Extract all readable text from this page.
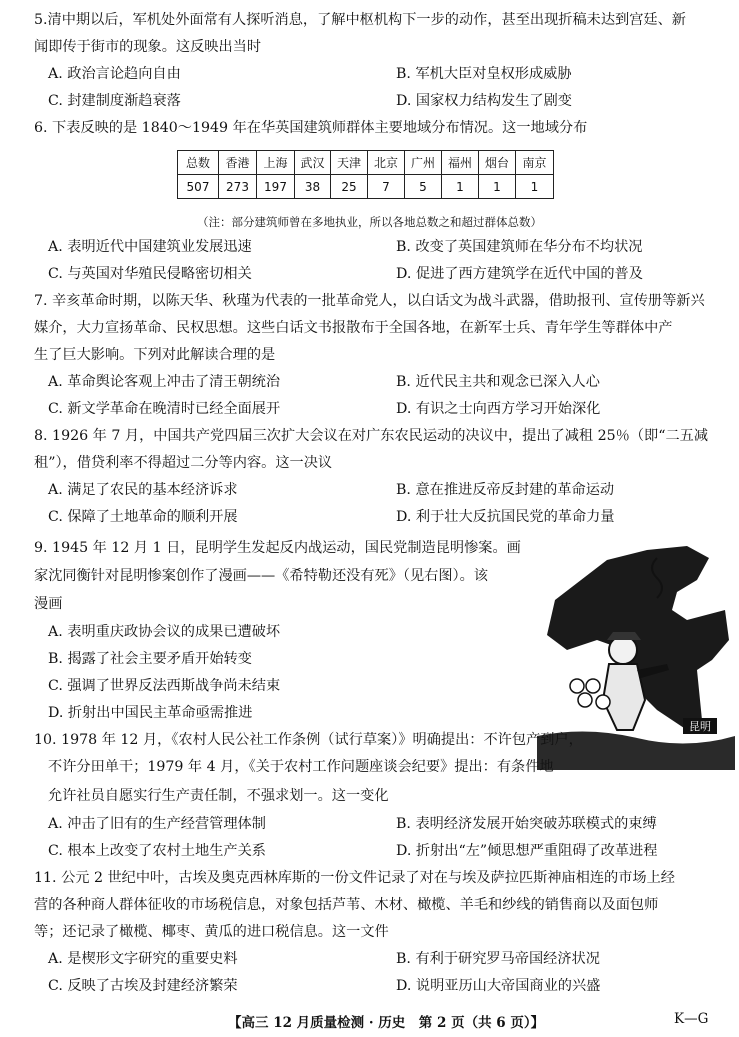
5.清中期以后，军机处外面常有人探听消息，了解中枢机构下一步的动作，甚至出现折稿未达到宫廷、新
闻即传于街市的现象。这反映出当时
A. 政治言论趋向自由	B. 军机大臣对皇权形成威胁
C. 封建制度渐趋衰落	D. 国家权力结构发生了剧变
6. 下表反映的是 1840～1949 年在华英国建筑师群体主要地域分布情况。这一地域分布
总数	香港	上海	武汉	天津	北京	广州	福州	烟台	南京
507	273	197	38	25	7	5	1	1	1
（注：部分建筑师曾在多地执业，所以各地总数之和超过群体总数）
A. 表明近代中国建筑业发展迅速	B. 改变了英国建筑师在华分布不均状况
C. 与英国对华殖民侵略密切相关	D. 促进了西方建筑学在近代中国的普及
7. 辛亥革命时期，以陈天华、秋瑾为代表的一批革命党人，以白话文为战斗武器，借助报刊、宣传册等新兴
媒介，大力宣扬革命、民权思想。这些白话文书报散布于全国各地，在新军士兵、青年学生等群体中产
生了巨大影响。下列对此解读合理的是
A. 革命舆论客观上冲击了清王朝统治	B. 近代民主共和观念已深入人心
C. 新文学革命在晚清时已经全面展开	D. 有识之士向西方学习开始深化
8. 1926 年 7 月，中国共产党四届三次扩大会议在对广东农民运动的决议中，提出了减租 25％（即“二五减
租”），借贷利率不得超过二分等内容。这一决议
A. 满足了农民的基本经济诉求	B. 意在推进反帝反封建的革命运动
C. 保障了土地革命的顺利开展	D. 利于壮大反抗国民党的革命力量
9. 1945 年 12 月 1 日，昆明学生发起反内战运动，国民党制造昆明惨案。画
家沈同衡针对昆明惨案创作了漫画——《希特勒还没有死》（见右图）。该
漫画
A. 表明重庆政协会议的成果已遭破坏
B. 揭露了社会主要矛盾开始转变
C. 强调了世界反法西斯战争尚未结束
D. 折射出中国民主革命亟需推进
昆明
10. 1978 年 12 月，《农村人民公社工作条例（试行草案）》明确提出：不许包产到户，
不许分田单干；1979 年 4 月，《关于农村工作问题座谈会纪要》提出：有条件地
允许社员自愿实行生产责任制，不强求划一。这一变化
A. 冲击了旧有的生产经营管理体制	B. 表明经济发展开始突破苏联模式的束缚
C. 根本上改变了农村土地生产关系	D. 折射出“左”倾思想严重阻碍了改革进程
11. 公元 2 世纪中叶，古埃及奥克西林库斯的一份文件记录了对在与埃及萨拉匹斯神庙相连的市场上经
营的各种商人群体征收的市场税信息，对象包括芦苇、木材、橄榄、羊毛和纱线的销售商以及面包师
等；还记录了橄榄、椰枣、黄瓜的进口税信息。这一文件
A. 是楔形文字研究的重要史料	B. 有利于研究罗马帝国经济状况
C. 反映了古埃及封建经济繁荣	D. 说明亚历山大帝国商业的兴盛
【高三 12 月质量检测 · 历史　第 2 页（共 6 页）】	K—G
